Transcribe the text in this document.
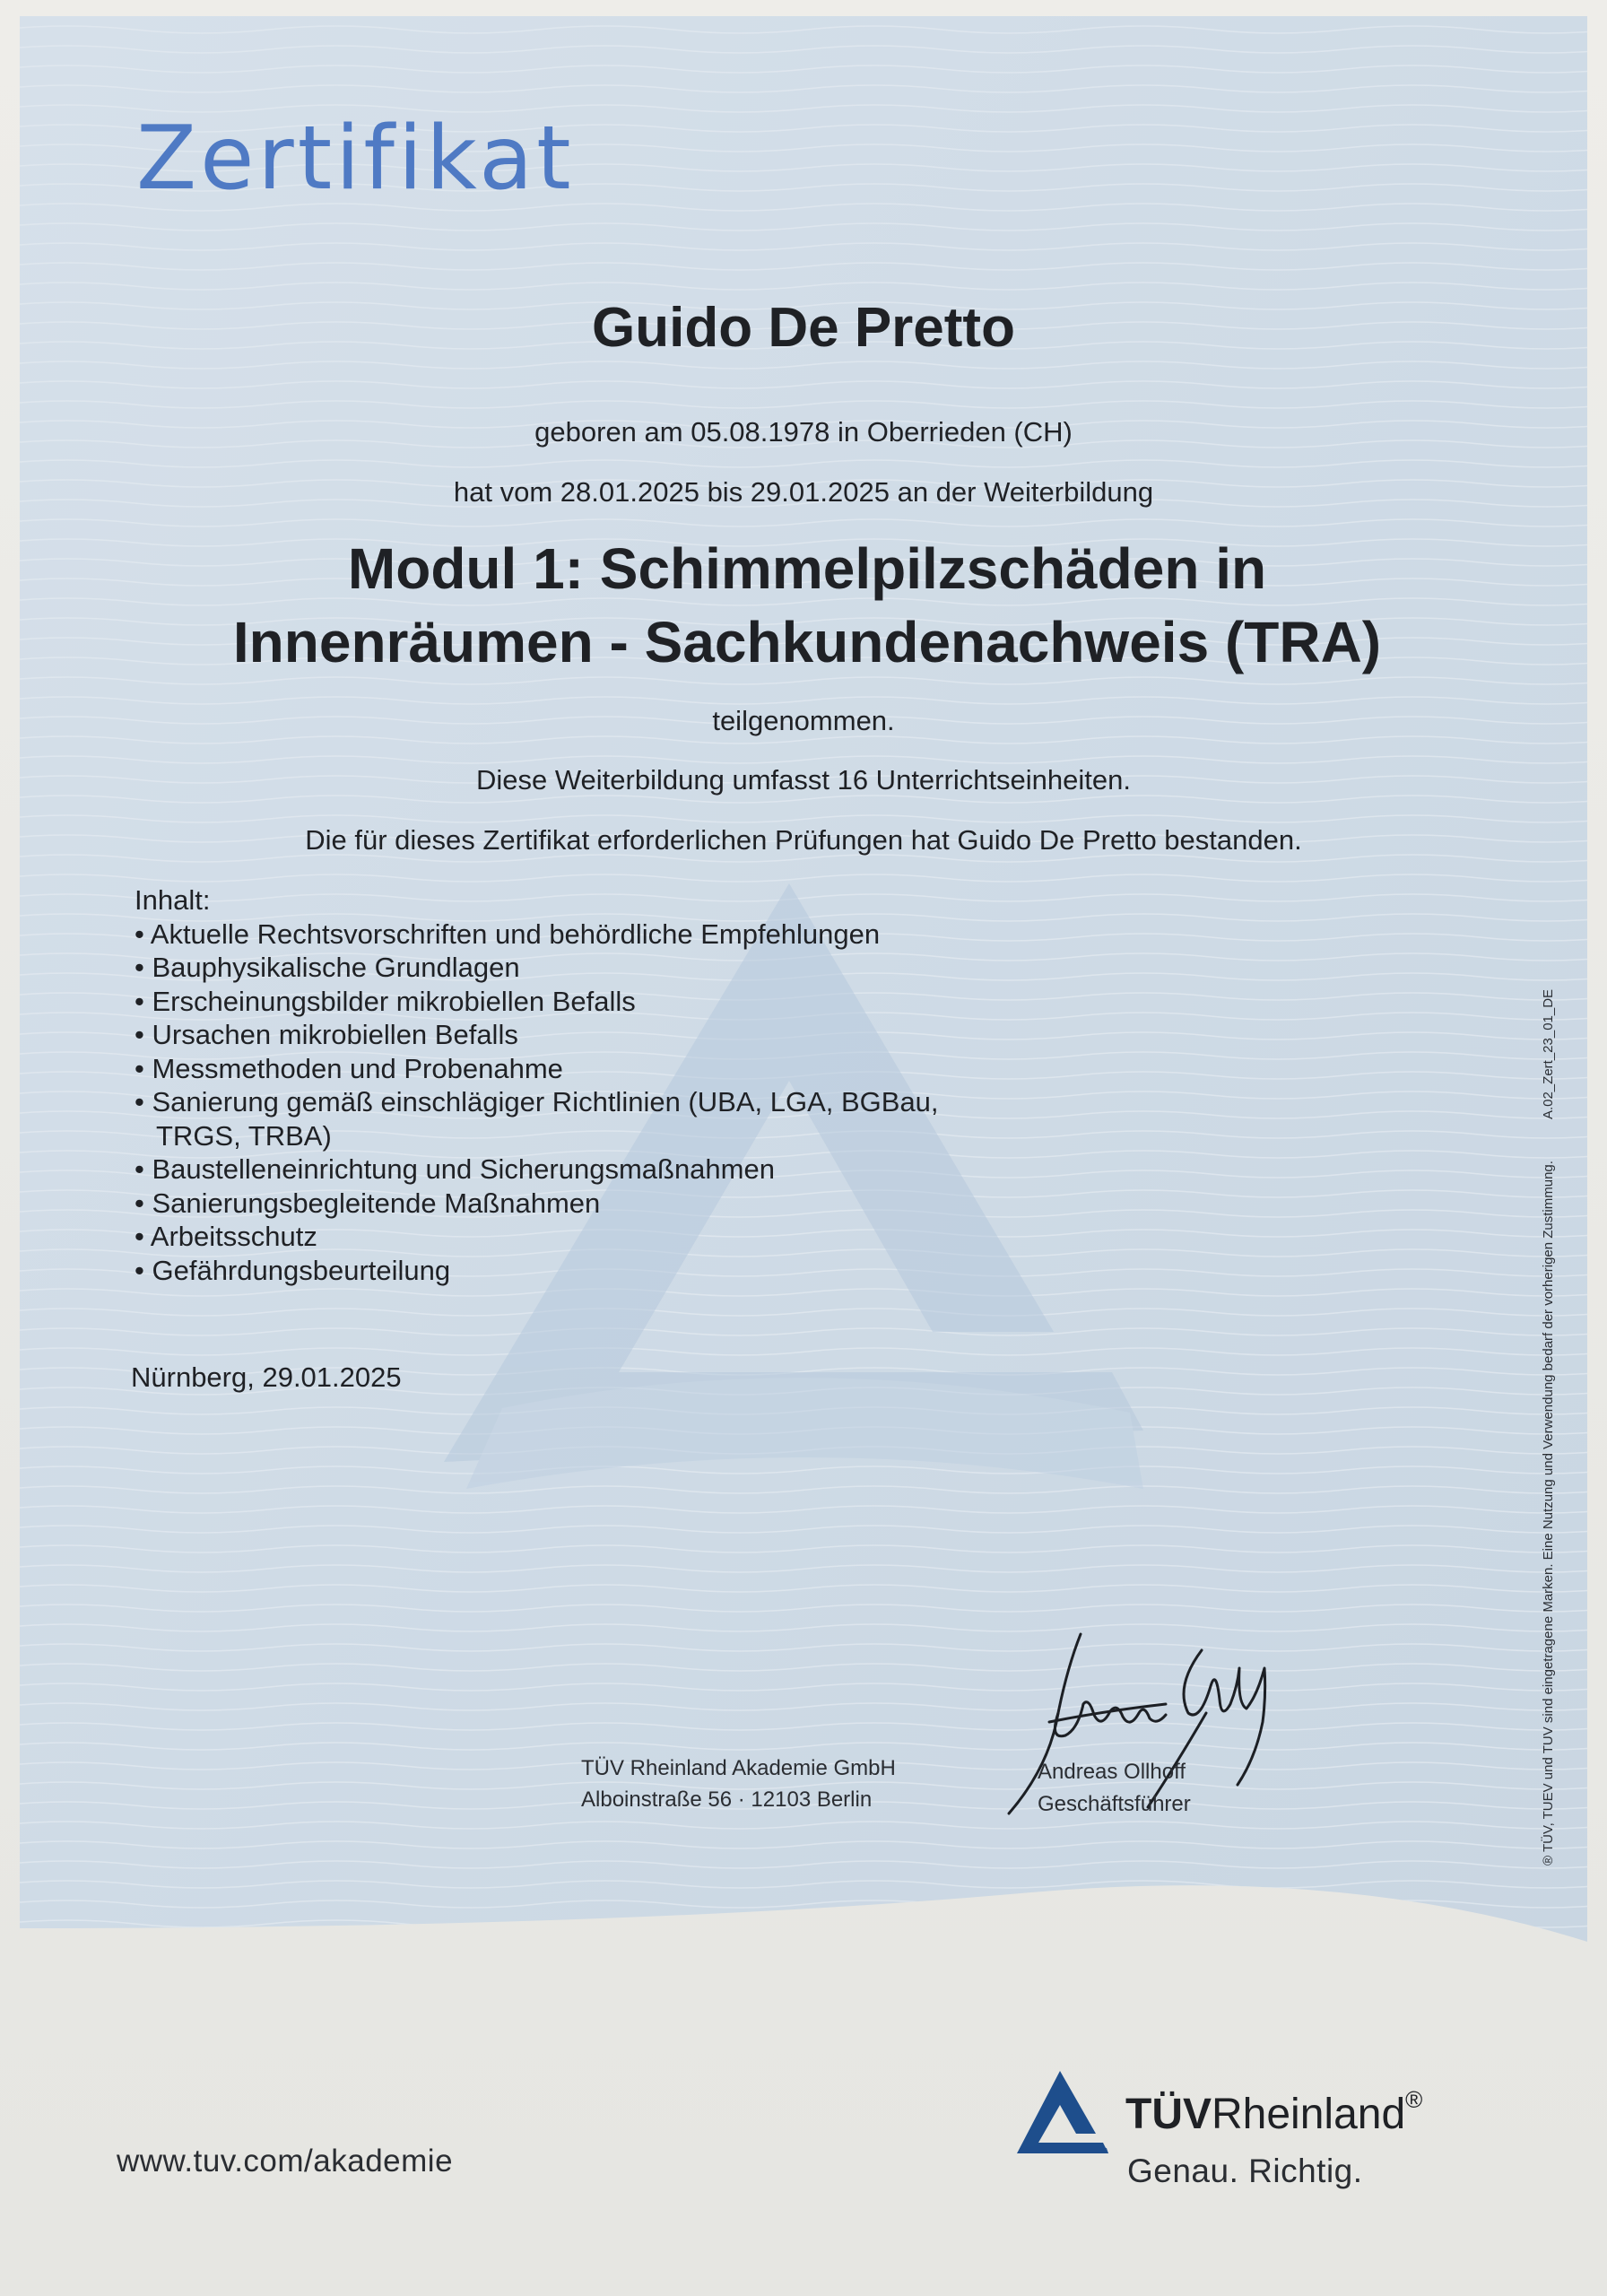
® TÜV, TUEV und TUV sind eingetragene Marken. Eine Nutzung und Verwendung bedarf der vorherigen Zustimmung.A.02_Zert_23_01_DE
Zertifikat
Guido De Pretto
geboren am 05.08.1978 in Oberrieden (CH)
hat vom 28.01.2025 bis 29.01.2025 an der Weiterbildung
Modul 1: Schimmelpilzschäden in
Innenräumen - Sachkundenachweis (TRA)
teilgenommen.
Diese Weiterbildung umfasst 16 Unterrichtseinheiten.
Die für dieses Zertifikat erforderlichen Prüfungen hat Guido De Pretto bestanden.
Inhalt:
• Aktuelle Rechtsvorschriften und behördliche Empfehlungen
• Bauphysikalische Grundlagen
• Erscheinungsbilder mikrobiellen Befalls
• Ursachen mikrobiellen Befalls
• Messmethoden und Probenahme
• Sanierung gemäß einschlägiger Richtlinien (UBA, LGA, BGBau,
TRGS, TRBA)
• Baustelleneinrichtung und Sicherungsmaßnahmen
• Sanierungsbegleitende Maßnahmen
• Arbeitsschutz
• Gefährdungsbeurteilung
Nürnberg, 29.01.2025
TÜV Rheinland Akademie GmbH
Alboinstraße 56 · 12103 Berlin
Andreas Ollhoff
Geschäftsführer
www.tuv.com/akademie
TÜVRheinland®
Genau. Richtig.
